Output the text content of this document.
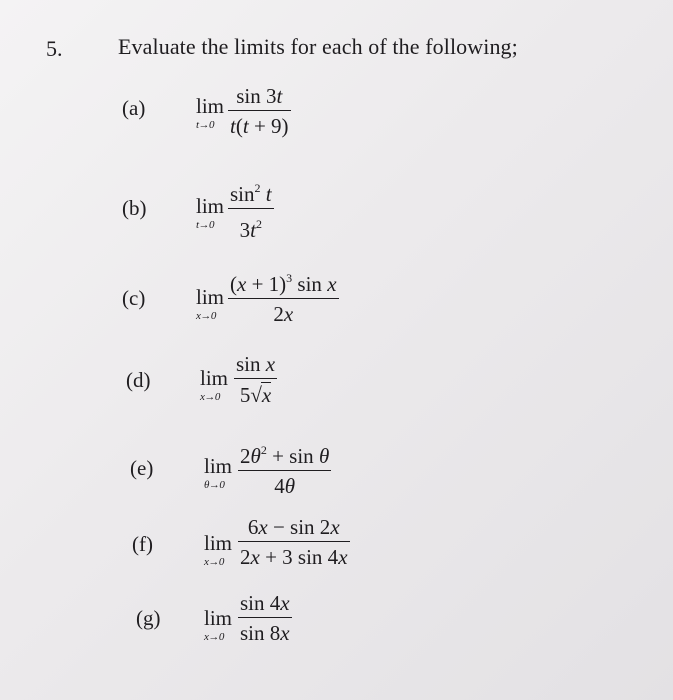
5.	Evaluate the limits for each of the following;
(a) lim
t→0
sin 3t
t(t + 9)
(b) lim
t→0
$\sin^2 t$
$3t^2$
(c) lim
x→0
$(x + 1)^3$ sin x
2x
(d) lim
x→0
sin x
5√x
(e) lim
θ→0
$2\theta^2 + \sin \theta$
4θ
(f) lim
x→0
6x − sin 2x
2x + 3 sin 4x
(g) lim
x→0
sin 4x
sin 8x
